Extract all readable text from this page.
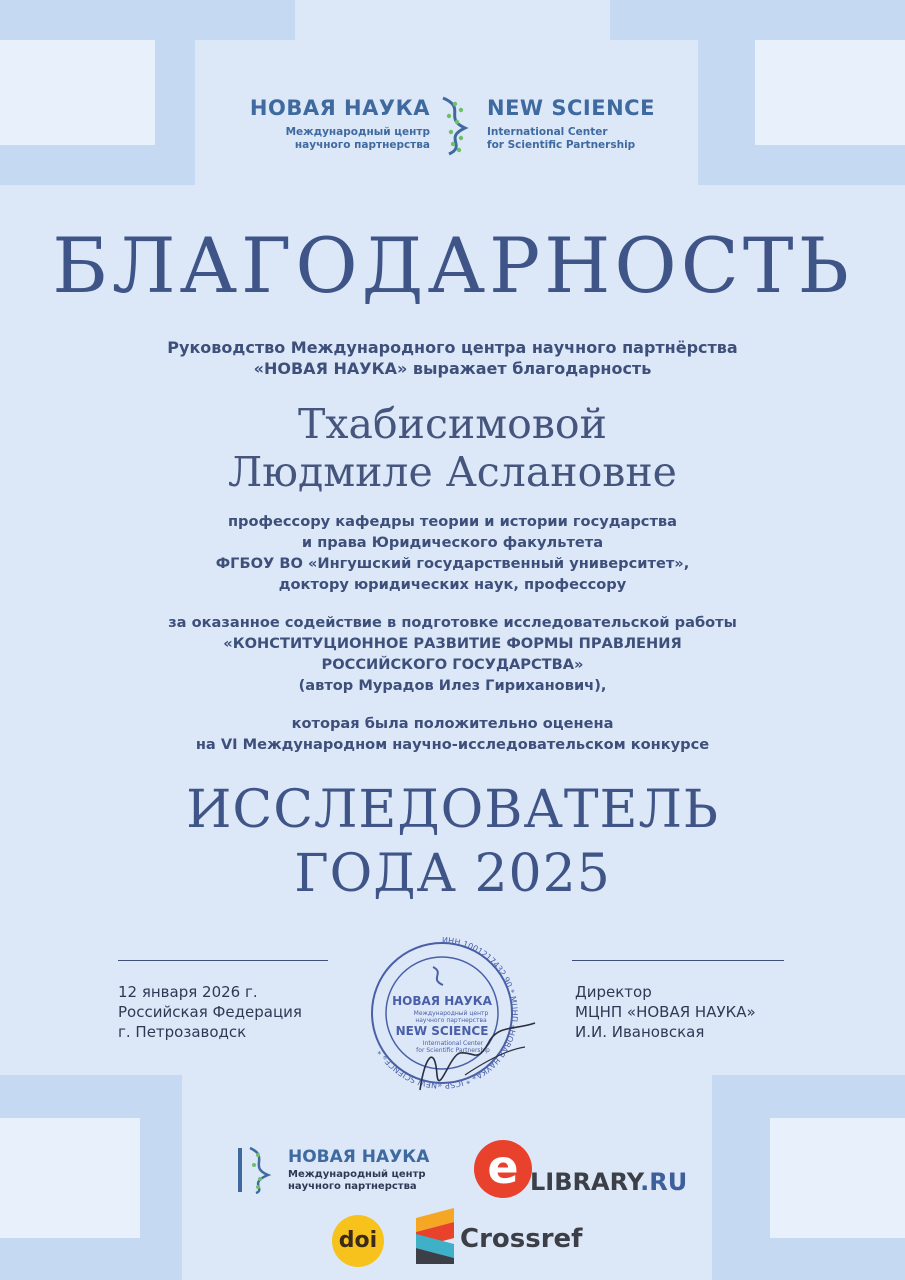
НОВАЯ НАУКА
Международный центр
научного партнерства
NEW SCIENCE
International Center
for Scientific Partnership
БЛАГОДАРНОСТЬ
Руководство Международного центра научного партнёрства
«НОВАЯ НАУКА» выражает благодарность
Тхабисимовой
Людмиле Аслановне
профессору кафедры теории и истории государства
и права Юридического факультета
ФГБОУ ВО «Ингушский государственный университет»,
доктору юридических наук, профессору
за оказанное содействие в подготовке исследовательской работы
«КОНСТИТУЦИОННОЕ РАЗВИТИЕ ФОРМЫ ПРАВЛЕНИЯ
РОССИЙСКОГО ГОСУДАРСТВА»
(автор Мурадов Илез Гириханович),
которая была положительно оценена
на VI Международном научно-исследовательском конкурсе
ИССЛЕДОВАТЕЛЬ
ГОДА 2025
12 января 2026 г.
Российская Федерация
г. Петрозаводск
Директор
МЦНП «НОВАЯ НАУКА»
И.И. Ивановская
ИНН 1001217432 90 * МЦНП «НОВАЯ НАУКА» * ICSP «NEW SCIENCE» *
НОВАЯ НАУКА
Международный центр
научного партнерства
NEW SCIENCE
International Center
for Scientific Partnership
НОВАЯ НАУКА
Международный центр
научного партнерства e LIBRARY.RU
doi	Crossref
